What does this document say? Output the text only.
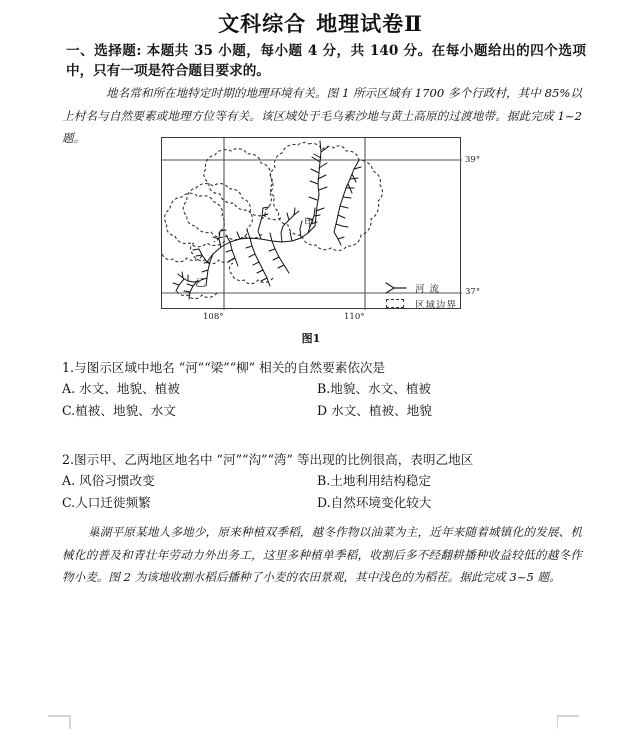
文科综合 地理试卷Ⅱ
一、选择题: 本题共 35 小题，每小题 4 分，共 140 分。在每小题给出的四个选项中，只有一项是符合题目要求的。
地名常和所在地特定时期的地理环境有关。图 1 所示区域有 1700 多个行政村，其中 85%以上村名与自然要素或地理方位等有关。该区域处于毛乌素沙地与黄土高原的过渡地带。据此完成 1~2 题。
39°
37°
108°	110°
甲
乙
河 流
区域边界
图1
1.与图示区域中地名 “河”“梁”“柳” 相关的自然要素依次是
A. 水文、地貌、植被	B.地貌、水文、植被
C.植被、地貌、水文	D 水文、植被、地貌
2.图示甲、乙两地区地名中 “河”“沟”“湾” 等出现的比例很高，表明乙地区
A. 风俗习惯改变	B.土地利用结构稳定
C.人口迁徙频繁	D.自然环境变化较大
巢湖平原某地人多地少，原来种植双季稻，越冬作物以油菜为主，近年来随着城镇化的发展、机械化的普及和青壮年劳动力外出务工，这里多种植单季稻，收割后多不经翻耕播种收益较低的越冬作物小麦。图 2 为该地收割水稻后播种了小麦的农田景观，其中浅色的为稻茬。据此完成 3~5 题。
